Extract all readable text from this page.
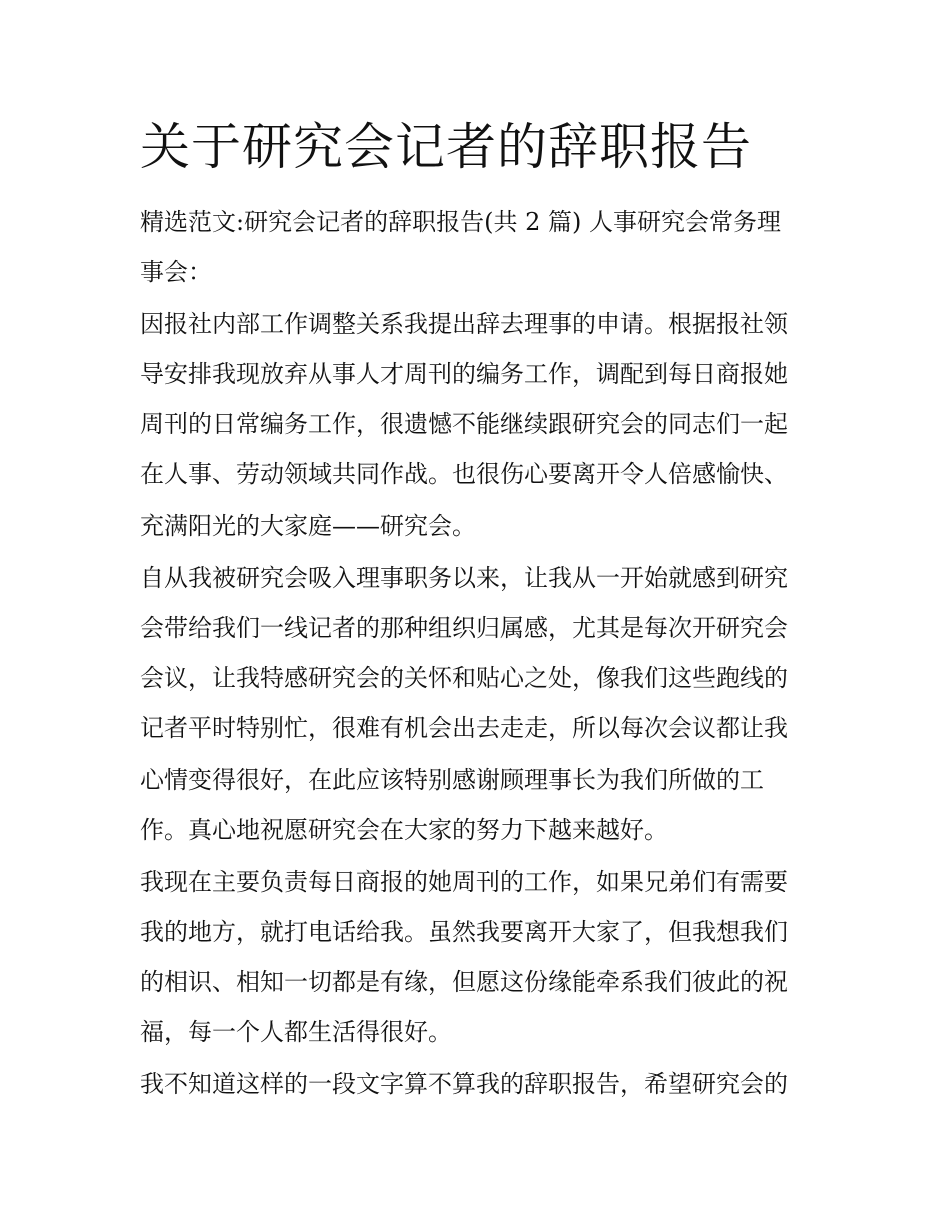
关于研究会记者的辞职报告

精选范文:研究会记者的辞职报告(共 2 篇) 人事研究会常务理

事会：

因报社内部工作调整关系我提出辞去理事的申请。根据报社领

导安排我现放弃从事人才周刊的编务工作，调配到每日商报她

周刊的日常编务工作，很遗憾不能继续跟研究会的同志们一起

在人事、劳动领域共同作战。也很伤心要离开令人倍感愉快、

充满阳光的大家庭——研究会。

自从我被研究会吸入理事职务以来，让我从一开始就感到研究

会带给我们一线记者的那种组织归属感，尤其是每次开研究会

会议，让我特感研究会的关怀和贴心之处，像我们这些跑线的

记者平时特别忙，很难有机会出去走走，所以每次会议都让我

心情变得很好，在此应该特别感谢顾理事长为我们所做的工

作。真心地祝愿研究会在大家的努力下越来越好。

我现在主要负责每日商报的她周刊的工作，如果兄弟们有需要

我的地方，就打电话给我。虽然我要离开大家了，但我想我们

的相识、相知一切都是有缘，但愿这份缘能牵系我们彼此的祝

福，每一个人都生活得很好。

我不知道这样的一段文字算不算我的辞职报告，希望研究会的
